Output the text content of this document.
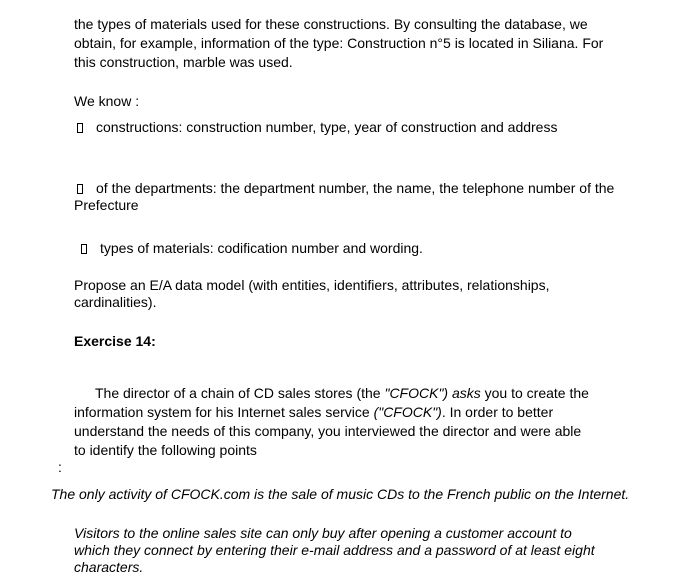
the types of materials used for these constructions. By consulting the database, we
obtain, for example, information of the type: Construction n°5 is located in Siliana. For
this construction, marble was used.
We know :
constructions: construction number, type, year of construction and address
of the departments: the department number, the name, the telephone number of the
Prefecture
types of materials: codification number and wording.
Propose an E/A data model (with entities, identifiers, attributes, relationships,
cardinalities).
Exercise 14:
The director of a chain of CD sales stores (the "CFOCK") asks you to create the
information system for his Internet sales service ("CFOCK"). In order to better
understand the needs of this company, you interviewed the director and were able
to identify the following points
:
The only activity of CFOCK.com is the sale of music CDs to the French public on the Internet.
Visitors to the online sales site can only buy after opening a customer account to
which they connect by entering their e-mail address and a password of at least eight
characters.
